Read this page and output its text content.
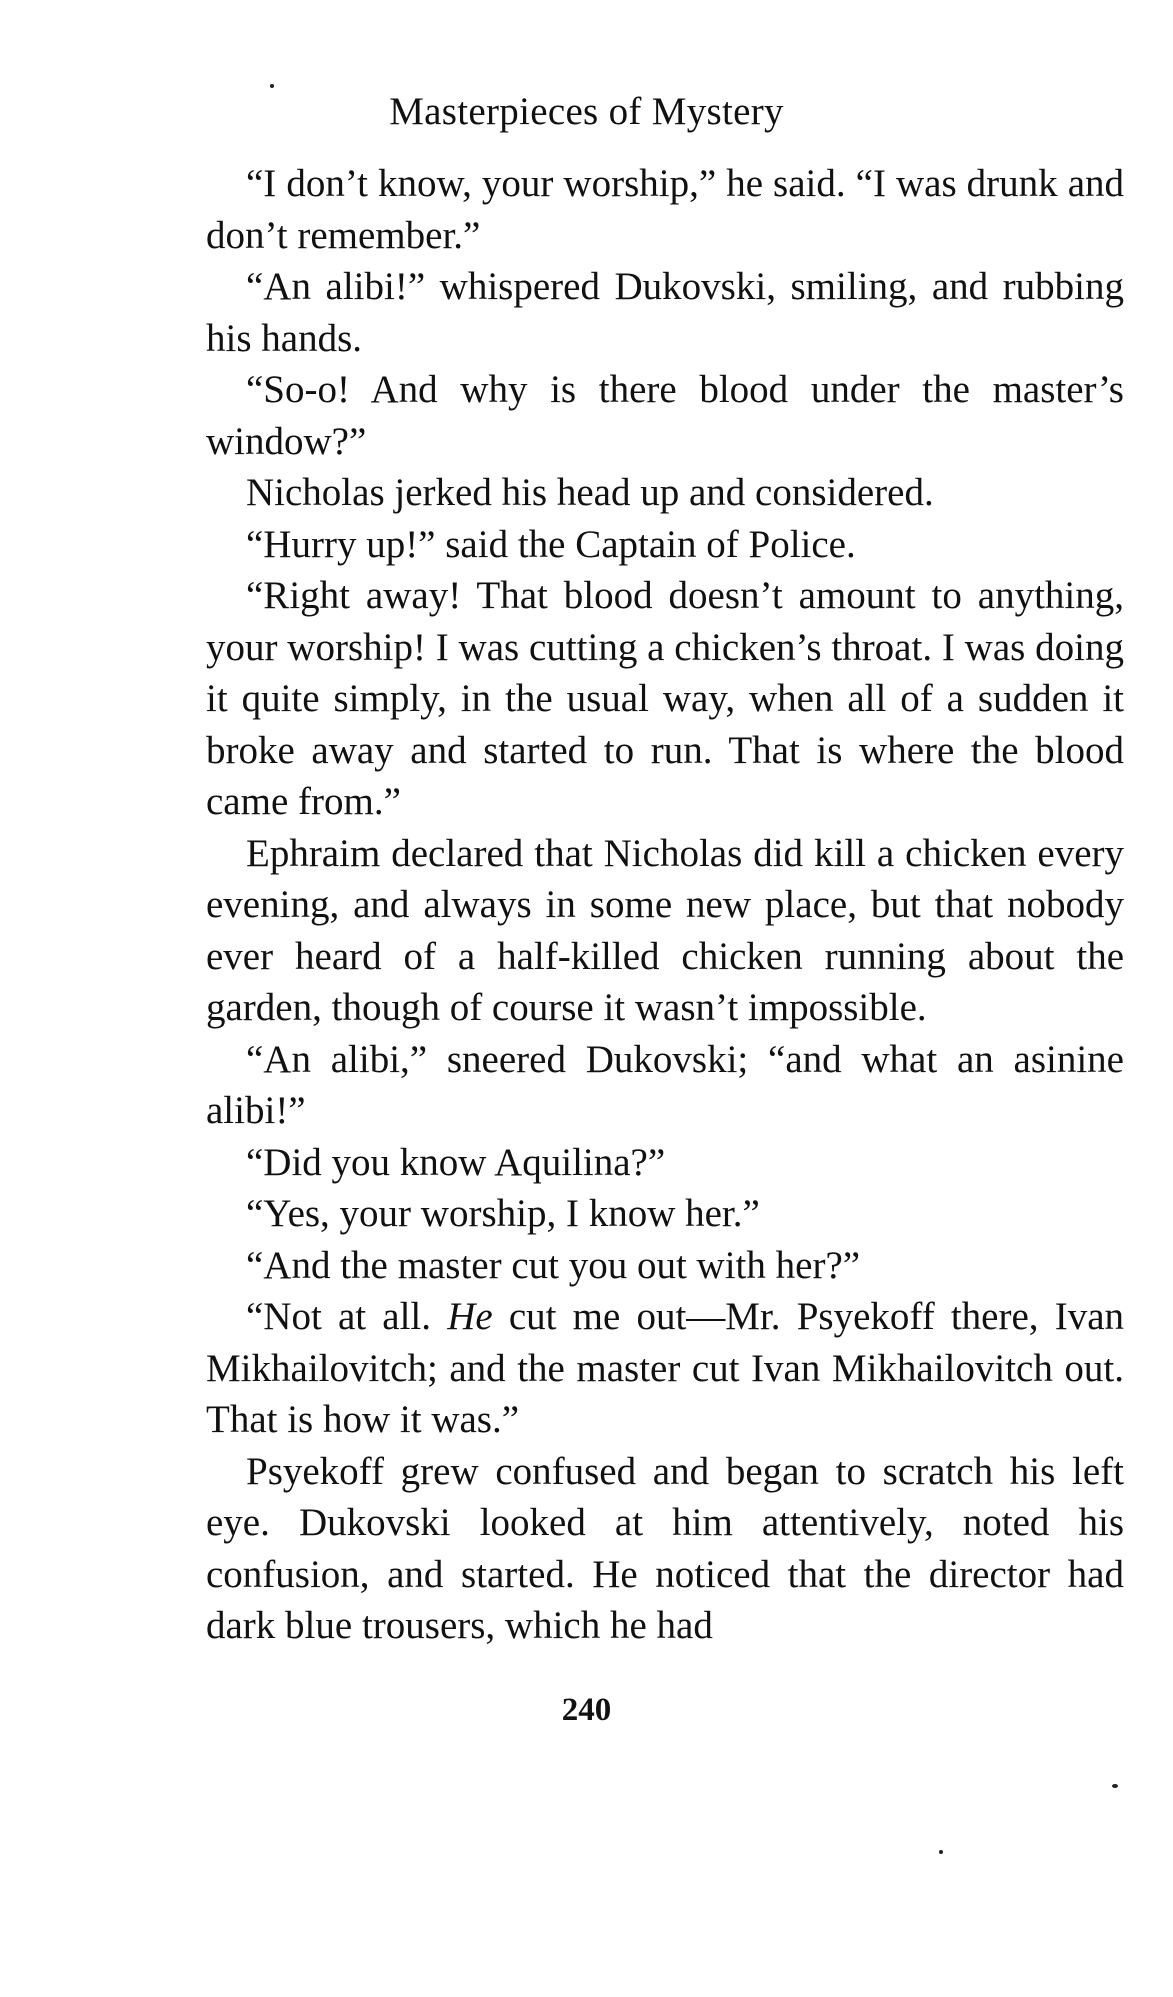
Masterpieces of Mystery

“I don’t know, your worship,” he said. “I was drunk and don’t remember.”

“An alibi!” whispered Dukovski, smiling, and rubbing his hands.

“So-o! And why is there blood under the master’s window?”

Nicholas jerked his head up and considered.

“Hurry up!” said the Captain of Police.

“Right away! That blood doesn’t amount to anything, your worship! I was cutting a chicken’s throat. I was doing it quite simply, in the usual way, when all of a sudden it broke away and started to run. That is where the blood came from.”

Ephraim declared that Nicholas did kill a chicken every evening, and always in some new place, but that nobody ever heard of a half-killed chicken running about the garden, though of course it wasn’t impossible.

“An alibi,” sneered Dukovski; “and what an asinine alibi!”

“Did you know Aquilina?”

“Yes, your worship, I know her.”

“And the master cut you out with her?”

“Not at all. He cut me out—Mr. Psyekoff there, Ivan Mikhailovitch; and the master cut Ivan Mikhailovitch out. That is how it was.”

Psyekoff grew confused and began to scratch his left eye. Dukovski looked at him attentively, noted his confusion, and started. He noticed that the director had dark blue trousers, which he had

240
